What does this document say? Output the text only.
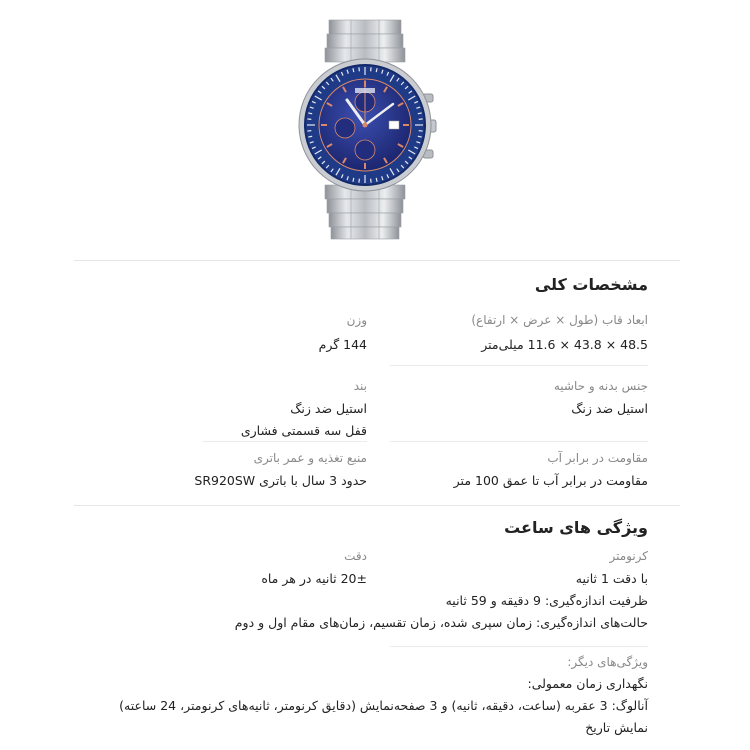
مشخصات کلی
ابعاد قاب (طول × عرض × ارتفاع)
48.5 × 43.8 × 11.6 میلی‌متر
وزن
144 گرم
جنس بدنه و حاشیه
استیل ضد زنگ
بند
استیل ضد زنگ
قفل سه قسمتی فشاری
مقاومت در برابر آب
مقاومت در برابر آب تا عمق 100 متر
منبع تغذیه و عمر باتری
حدود 3 سال با باتری SR920SW
ویژگی های ساعت
کرنومتر
با دقت 1 ثانیه
ظرفیت اندازه‌گیری: 9 دقیقه و 59 ثانیه
حالت‌های اندازه‌گیری: زمان سپری شده، زمان تقسیم، زمان‌های مقام اول و دوم
دقت
20± ثانیه در هر ماه
ویژگی‌های دیگر:
نگهداری زمان معمولی:
آنالوگ: 3 عقربه (ساعت، دقیقه، ثانیه) و 3 صفحه‌نمایش (دقایق کرنومتر، ثانیه‌های کرنومتر، 24 ساعته)
نمایش تاریخ
